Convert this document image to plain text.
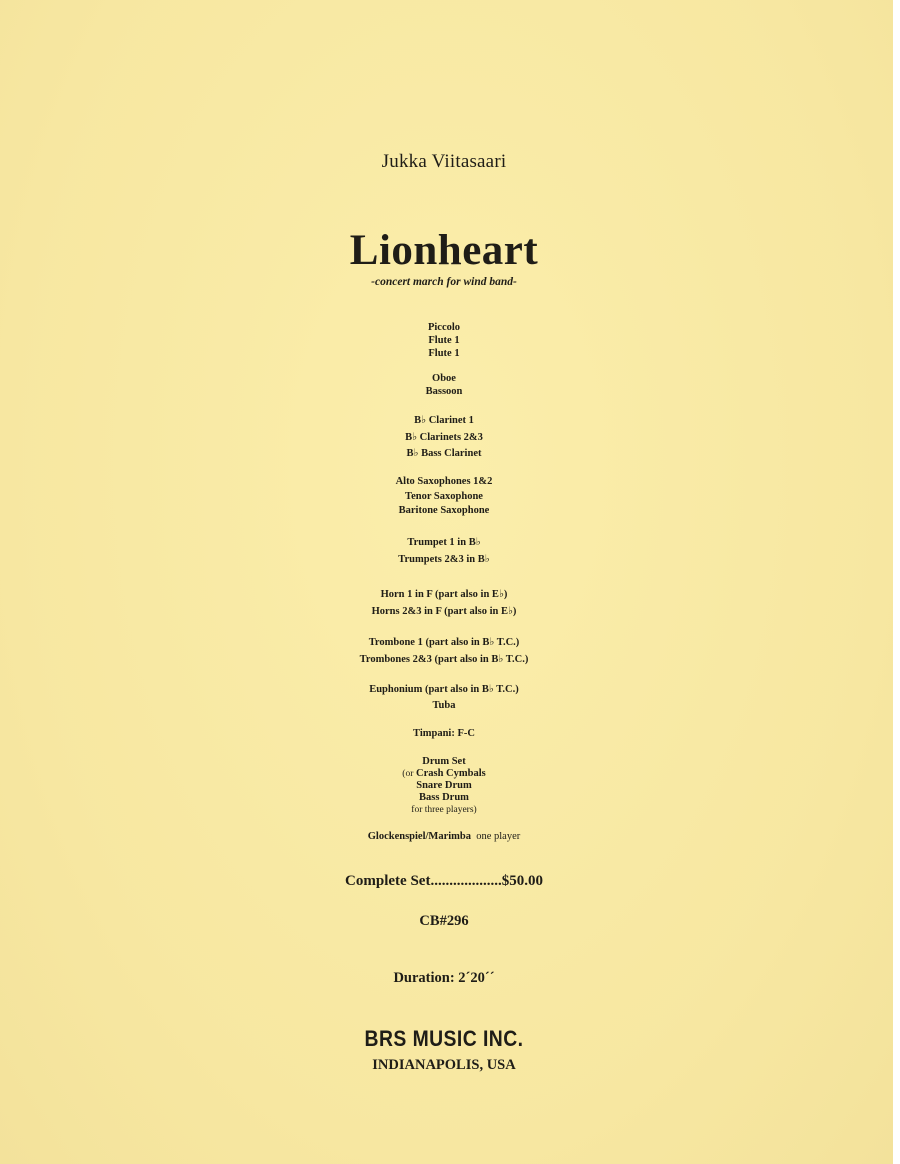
Jukka Viitasaari
Lionheart
-concert march for wind band-
Piccolo
Flute 1
Flute 1
Oboe
Bassoon
B♭ Clarinet 1
B♭ Clarinets 2&3
B♭ Bass Clarinet
Alto Saxophones 1&2
Tenor Saxophone
Baritone Saxophone
Trumpet 1 in B♭
Trumpets 2&3 in B♭
Horn 1 in F (part also in E♭)
Horns 2&3 in F (part also in E♭)
Trombone 1 (part also in B♭ T.C.)
Trombones 2&3 (part also in B♭ T.C.)
Euphonium (part also in B♭ T.C.)
Tuba
Timpani: F-C
Drum Set
(or Crash Cymbals
Snare Drum
Bass Drum
for three players)
Glockenspiel/Marimba one player
Complete Set...................$50.00
CB#296
Duration: 2´20´´
BRS MUSIC INC.
INDIANAPOLIS, USA
